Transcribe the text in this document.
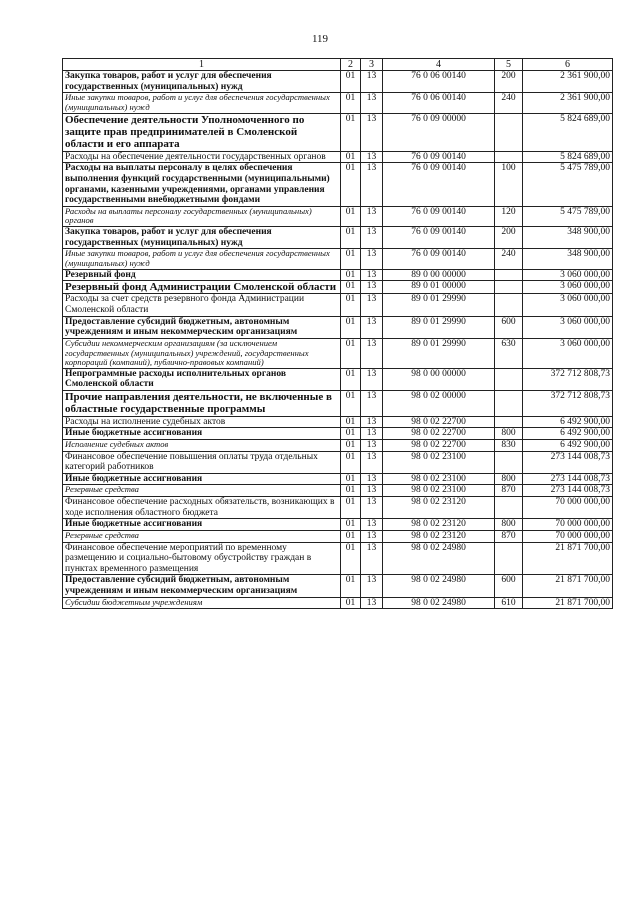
119
1	2	3	4	5	6
Закупка товаров, работ и услуг для обеспечения государственных (муниципальных) нужд	01	13	76 0 06 00140	200	2 361 900,00
Иные закупки товаров, работ и услуг для обеспечения государственных (муниципальных) нужд	01	13	76 0 06 00140	240	2 361 900,00
Обеспечение деятельности Уполномоченного по защите прав предпринимателей в Смоленской области и его аппарата	01	13	76 0 09 00000		5 824 689,00
Расходы на обеспечение деятельности государственных органов	01	13	76 0 09 00140		5 824 689,00
Расходы на выплаты персоналу в целях обеспечения выполнения функций государственными (муниципальными) органами, казенными учреждениями, органами управления государственными внебюджетными фондами	01	13	76 0 09 00140	100	5 475 789,00
Расходы на выплаты персоналу государственных (муниципальных) органов	01	13	76 0 09 00140	120	5 475 789,00
Закупка товаров, работ и услуг для обеспечения государственных (муниципальных) нужд	01	13	76 0 09 00140	200	348 900,00
Иные закупки товаров, работ и услуг для обеспечения государственных (муниципальных) нужд	01	13	76 0 09 00140	240	348 900,00
Резервный фонд	01	13	89 0 00 00000		3 060 000,00
Резервный фонд Администрации Смоленской области	01	13	89 0 01 00000		3 060 000,00
Расходы за счет средств резервного фонда Администрации Смоленской области	01	13	89 0 01 29990		3 060 000,00
Предоставление субсидий бюджетным, автономным учреждениям и иным некоммерческим организациям	01	13	89 0 01 29990	600	3 060 000,00
Субсидии некоммерческим организациям (за исключением государственных (муниципальных) учреждений, государственных корпораций (компаний), публично-правовых компаний)	01	13	89 0 01 29990	630	3 060 000,00
Непрограммные расходы исполнительных органов Смоленской области	01	13	98 0 00 00000		372 712 808,73
Прочие направления деятельности, не включенные в областные государственные программы	01	13	98 0 02 00000		372 712 808,73
Расходы на исполнение судебных актов	01	13	98 0 02 22700		6 492 900,00
Иные бюджетные ассигнования	01	13	98 0 02 22700	800	6 492 900,00
Исполнение судебных актов	01	13	98 0 02 22700	830	6 492 900,00
Финансовое обеспечение повышения оплаты труда отдельных категорий работников	01	13	98 0 02 23100		273 144 008,73
Иные бюджетные ассигнования	01	13	98 0 02 23100	800	273 144 008,73
Резервные средства	01	13	98 0 02 23100	870	273 144 008,73
Финансовое обеспечение расходных обязательств, возникающих в ходе исполнения областного бюджета	01	13	98 0 02 23120		70 000 000,00
Иные бюджетные ассигнования	01	13	98 0 02 23120	800	70 000 000,00
Резервные средства	01	13	98 0 02 23120	870	70 000 000,00
Финансовое обеспечение мероприятий по временному размещению и социально-бытовому обустройству граждан в пунктах временного размещения	01	13	98 0 02 24980		21 871 700,00
Предоставление субсидий бюджетным, автономным учреждениям и иным некоммерческим организациям	01	13	98 0 02 24980	600	21 871 700,00
Субсидии бюджетным учреждениям	01	13	98 0 02 24980	610	21 871 700,00
